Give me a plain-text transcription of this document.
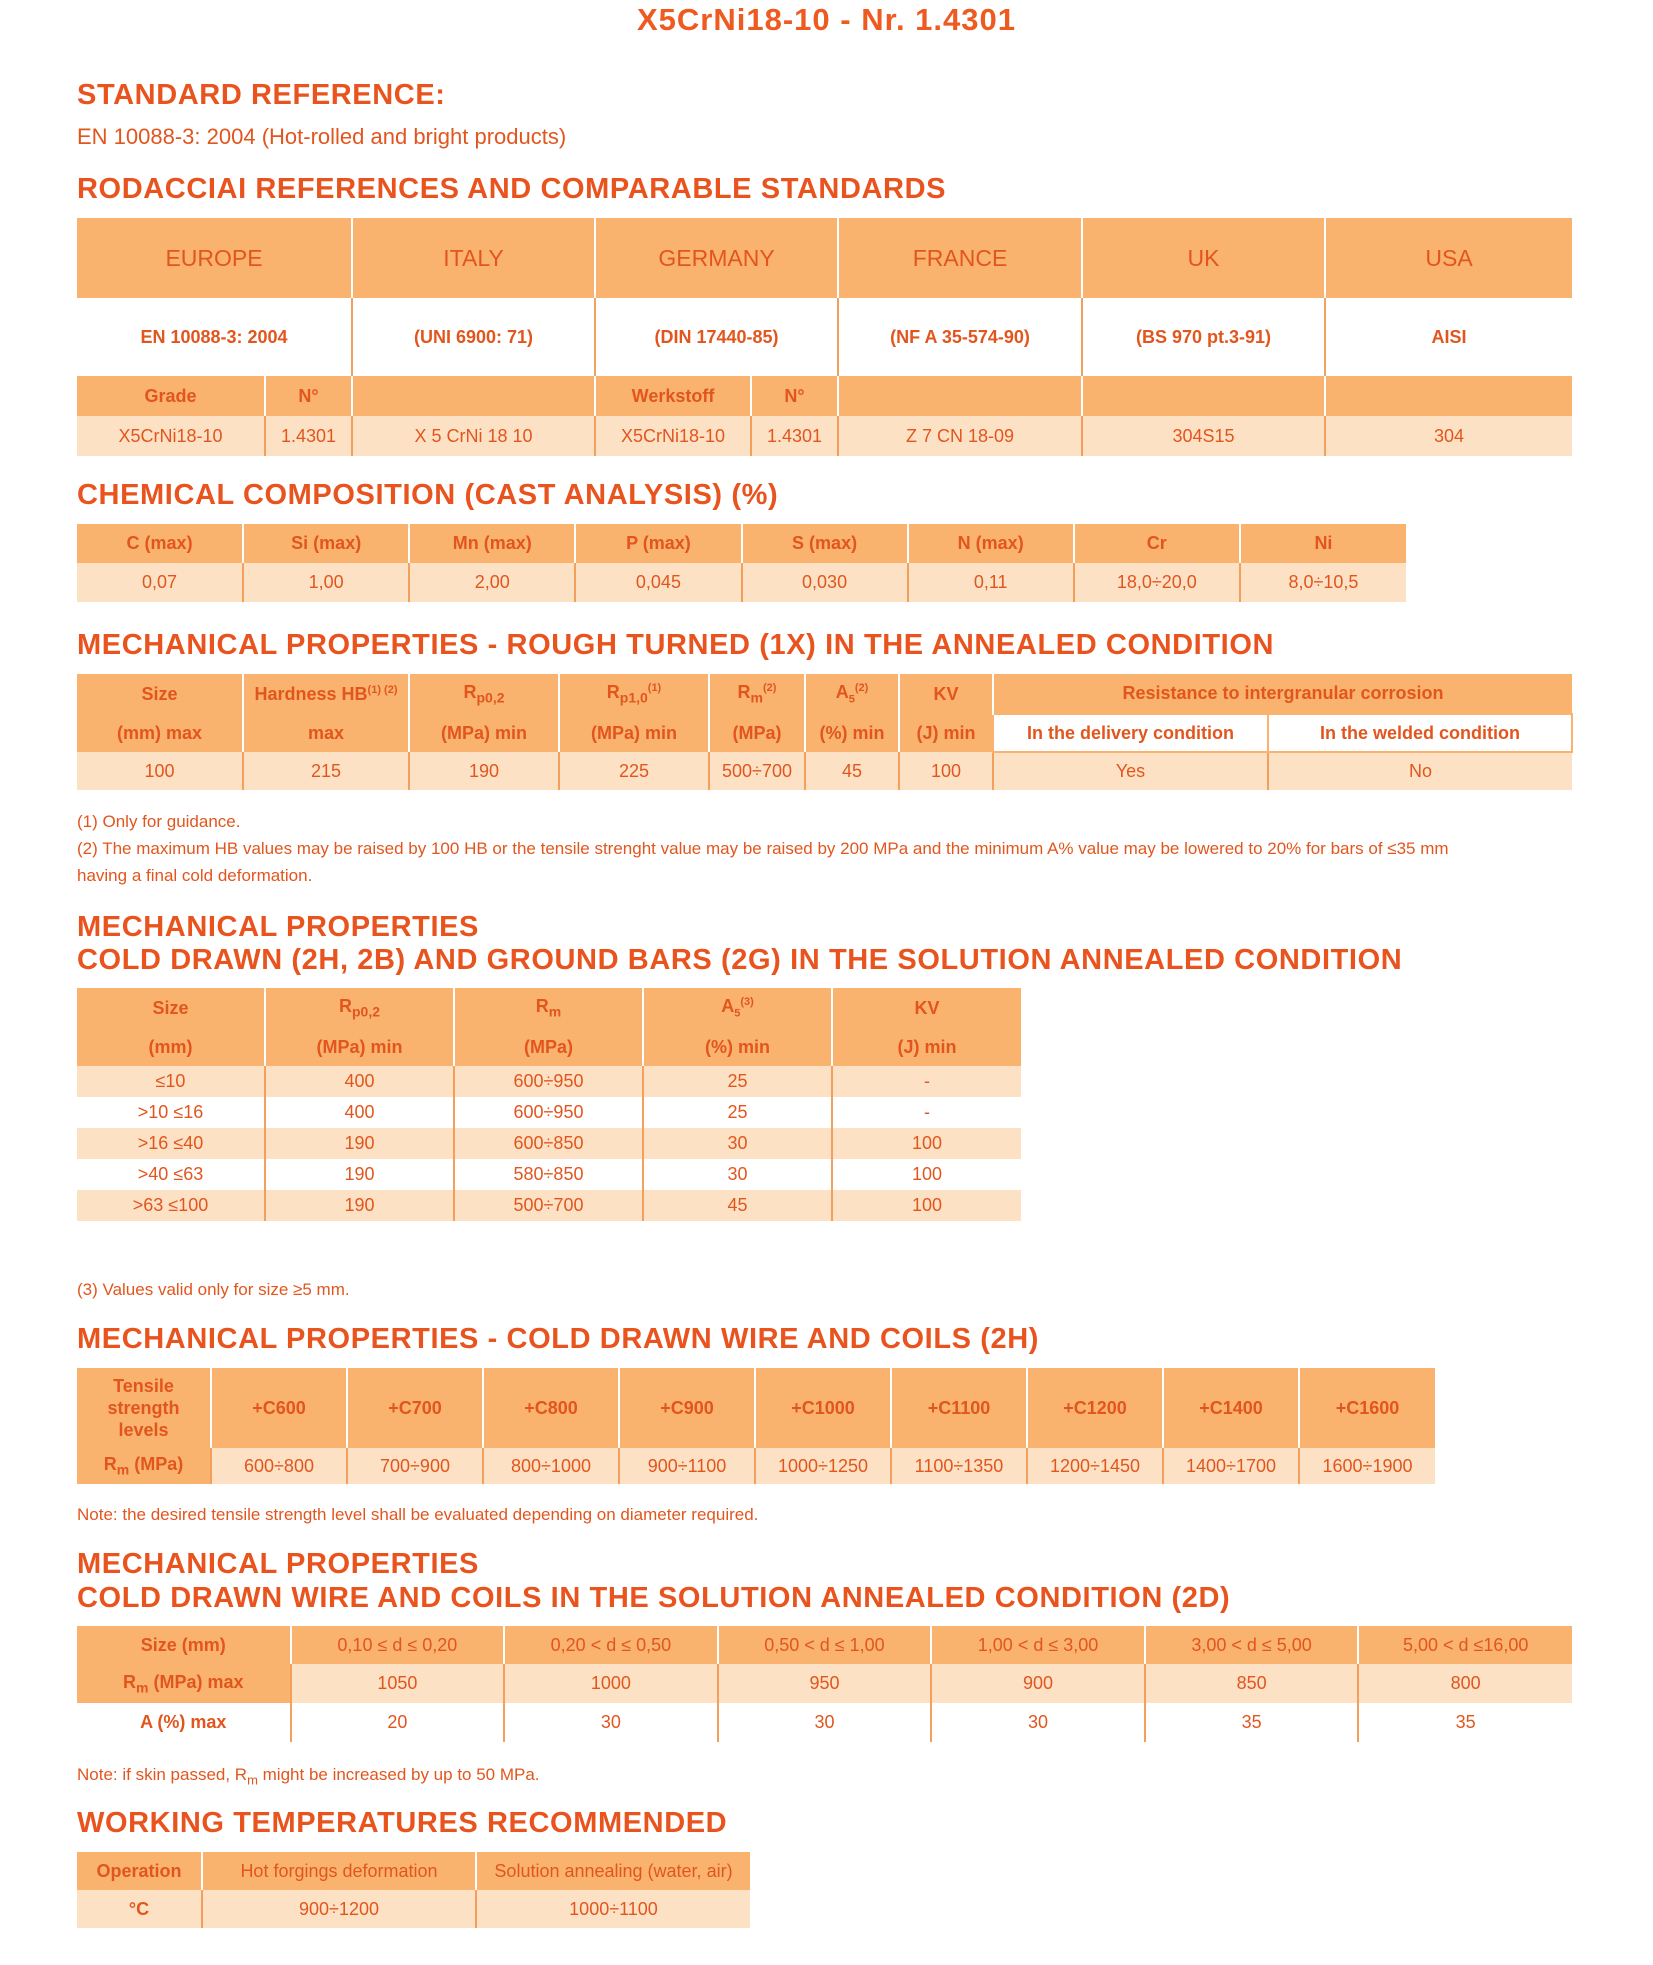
X5CrNi18-10 - Nr. 1.4301
STANDARD REFERENCE:
EN 10088-3: 2004 (Hot-rolled and bright products)
RODACCIAI REFERENCES AND COMPARABLE STANDARDS
EUROPE		ITALY	GERMANY		FRANCE	UK	USA
EN 10088-3: 2004		(UNI 6900: 71)	(DIN 17440-85)		(NF A 35-574-90)	(BS 970 pt.3-91)	AISI
Grade	N°		Werkstoff	N°			
X5CrNi18-10	1.4301	X 5 CrNi 18 10	X5CrNi18-10	1.4301	Z 7 CN 18-09	304S15	304
CHEMICAL COMPOSITION (CAST ANALYSIS) (%)
C (max)	Si (max)	Mn (max)	P (max)	S (max)	N (max)	Cr	Ni
0,07	1,00	2,00	0,045	0,030	0,11	18,0÷20,0	8,0÷10,5
MECHANICAL PROPERTIES - ROUGH TURNED (1X) IN THE ANNEALED CONDITION
Size	Hardness $HB^{(1) (2)}$	$R_{p0,2}$	$R_{p1,0}^{(1)}$	$R_m^{(2)}$	$A_5^{(2)}$	KV	Resistance to intergranular corrosion	
(mm) max	max	(MPa) min	(MPa) min	(MPa)	(%) min	(J) min	In the delivery condition	In the welded condition
100	215	190	225	500÷700	45	100	Yes	No
(1) Only for guidance.
(2) The maximum HB values may be raised by 100 HB or the tensile strenght value may be raised by 200 MPa and the minimum A% value may be lowered to 20% for bars of ≤35 mm
having a final cold deformation.
MECHANICAL PROPERTIES
COLD DRAWN (2H, 2B) AND GROUND BARS (2G) IN THE SOLUTION ANNEALED CONDITION
Size	$R_{p0,2}$	$R_m$	$A_5^{(3)}$	KV
(mm)	(MPa) min	(MPa)	(%) min	(J) min
≤10	400	600÷950	25	-
>10 ≤16	400	600÷950	25	-
>16 ≤40	190	600÷850	30	100
>40 ≤63	190	580÷850	30	100
>63 ≤100	190	500÷700	45	100
(3) Values valid only for size ≥5 mm.
MECHANICAL PROPERTIES - COLD DRAWN WIRE AND COILS (2H)
Tensile
strength
levels	+C600	+C700	+C800	+C900	+C1000	+C1100	+C1200	+C1400	+C1600
$R_m$ (MPa)	600÷800	700÷900	800÷1000	900÷1100	1000÷1250	1100÷1350	1200÷1450	1400÷1700	1600÷1900
Note: the desired tensile strength level shall be evaluated depending on diameter required.
MECHANICAL PROPERTIES
COLD DRAWN WIRE AND COILS IN THE SOLUTION ANNEALED CONDITION (2D)
Size (mm)	0,10 ≤ d ≤ 0,20	0,20 < d ≤ 0,50	0,50 < d ≤ 1,00	1,00 < d ≤ 3,00	3,00 < d ≤ 5,00	5,00 < d ≤16,00
$R_m$ (MPa) max	1050	1000	950	900	850	800
A (%) max	20	30	30	30	35	35
Note: if skin passed, $R_m$ might be increased by up to 50 MPa.
WORKING TEMPERATURES RECOMMENDED
Operation	Hot forgings deformation	Solution annealing (water, air)
°C	900÷1200	1000÷1100
